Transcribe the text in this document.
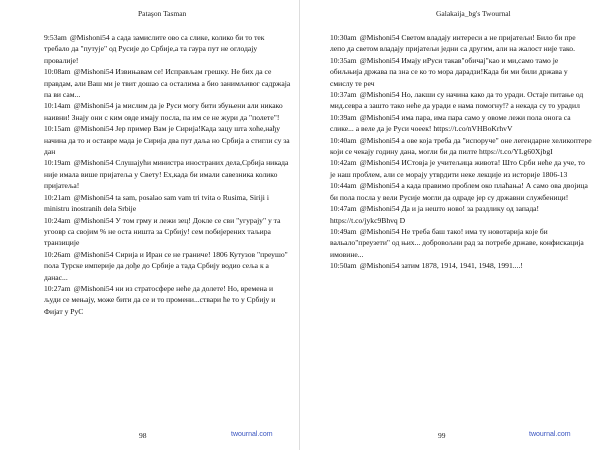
Pataşon Tasman

9:53am @Mishoni54 a сада замислите ово са слике, колико би то тек требало да "путује" од Русије до Србије,а та гаура пут не оглодају провалије!

10:08am @Mishoni54 Извињавам се! Исправљам грешку. Не бих да се правдам, али Ваш ми је твит дошао са осталима а био занимљивог садржаја па ви сам...

10:14am @Mishoni54 ја мислим да је Руси могу бити збуњени али никако наивни! Знају они с ким овде имају посла, па им се не жури да "полете"!

10:15am @Mishoni54 Јер пример Вам је Сирија!Када зацу шта хоће,нађу начина да то и оставре мада је Сирија два пут даља но Србија а стигли су за дан

10:19am @Mishoni54 Слушајући министра иностраних дела,Србија никада није имала више пријатеља у Свету! Еx,када би имали савезника колико пријатеља!

10:21am @Mishoni54 ta sam, posalao sam vam tri tvita o Rusima, Siriji i ministru inostranih dela Srbije

10:24am @Mishoni54 У том грму и лежи зец! Докле се сви "угурају" у та угоовр са својим % не оста ништа за Србију! сем побијерених таљира транзиције

10:26am @Mishoni54 Сирија и Иран се не граниче! 1806 Кутузов "преушо" пола Турске империје да дође до Србије а тада Србију водио сеља к а данас...

10:27am @Mishoni54 ни из стратосфере неће да долете! Но, времена и људи се мењају, може бити да се и то промени...ствари ће то у Србију и Фијат у РуС

98	twournal.com
Galakaija_bg's Twournal

10:30am @Mishoni54 Светом владају интереси а не пријатељи! Било би пре лепо да светом владају пријатељи једни са другим, али на жалост није тако.

10:35am @Mishoni54 Имају иРуси такав"обичај"као и ми,само тамо је обиљњија држава па зна се ко то мора дарадзи!Када би ми били држава у смислу те реч

10:37am @Mishoni54 Но, лакши су начина како да то уради. Остаје питање од мид.севра а зашто тако неће да уради е нама помогну!? а некада су то урадил

10:39am @Mishoni54 има пара, има пара само у овоме лежи пола онога са слике... а веле да је Руси чоеек! https://t.co/nVHBoKrhvV

10:40am @Mishoni54 а ове која треба да "испоруче" оне легендарне хеликоптере који се чекају годину дана, могли би да пилте https://t.co/YLg60XjbgI

10:42am @Mishoni54 ИСтовја је учитељица живота! Што Срби неће да уче, то је наш проблем, али се морају утврдити неке лекције из историје 1806-13

10:44am @Mishoni54 а када правимо проблем око плаћања! А само ова двојица би пола посла у вели Русије могли да одраде јер су државни службеници!

10:47am @Mishoni54 Да и ја нешто ново! за раздлику од запада! https://t.co/jykc9Bhvq D

10:49am @Mishoni54 Не треба баш тако! има ту новотарија које би вальало"преузети" од њих... добровољни рад за потребе државе, конфискација имовине...

10:50am @Mishoni54 затим 1878, 1914, 1941, 1948, 1991....!

99	twournal.com
